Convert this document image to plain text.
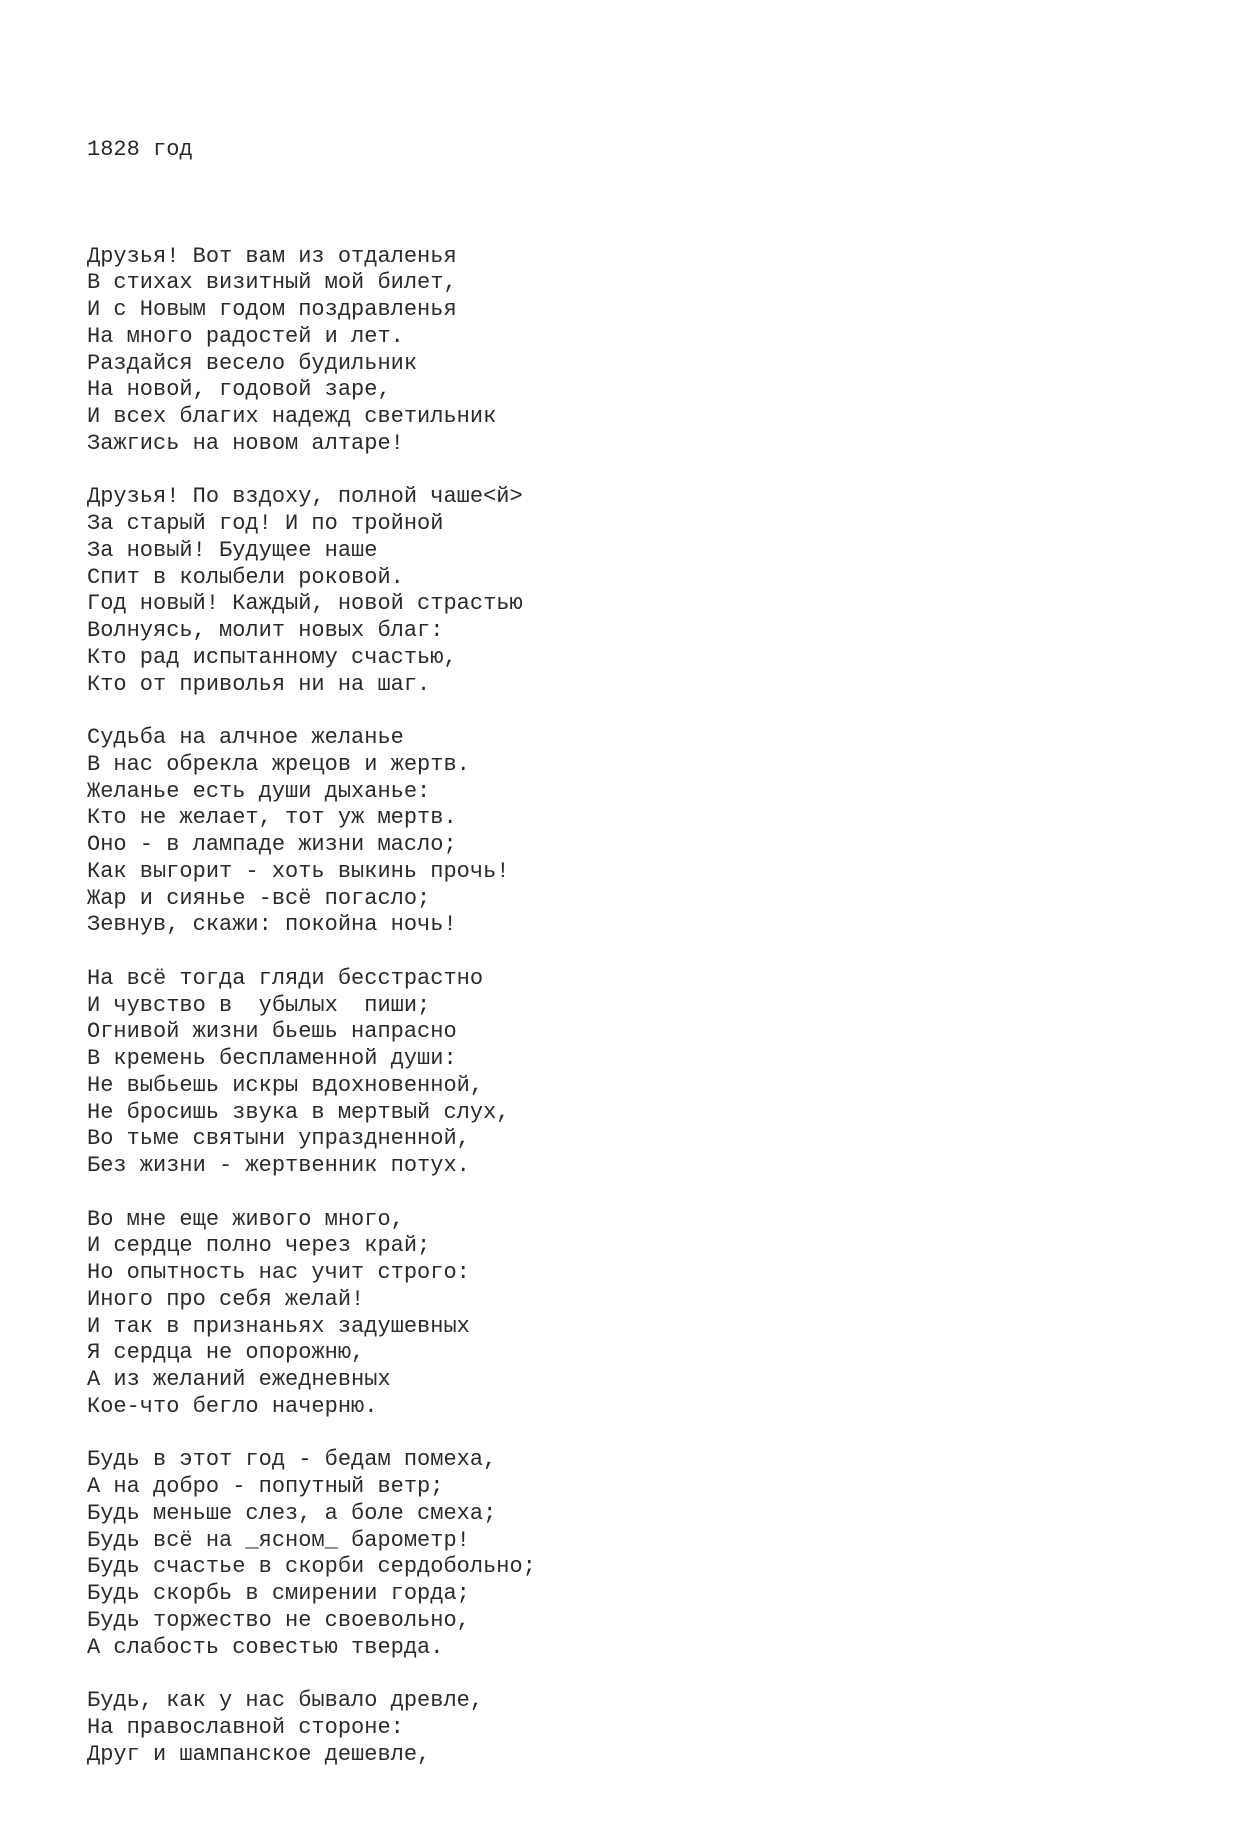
1828 год

Друзья! Вот вам из отдаленья
В стихах визитный мой билет,
И с Новым годом поздравленья
На много радостей и лет.
Раздайся весело будильник
На новой, годовой заре,
И всех благих надежд светильник
Зажгись на новом алтаре!
Друзья! По вздоху, полной чаше<й>
За старый год! И по тройной
За новый! Будущее наше
Спит в колыбели роковой.
Год новый! Каждый, новой страстью
Волнуясь, молит новых благ:
Кто рад испытанному счастью,
Кто от приволья ни на шаг.
Судьба на алчное желанье
В нас обрекла жрецов и жертв.
Желанье есть души дыханье:
Кто не желает, тот уж мертв.
Оно - в лампаде жизни масло;
Как выгорит - хоть выкинь прочь!
Жар и сиянье -всё погасло;
Зевнув, скажи: покойна ночь!
На всё тогда гляди бесстрастно
И чувство в  убылых  пиши;
Огнивой жизни бьешь напрасно
В кремень беспламенной души:
Не выбьешь искры вдохновенной,
Не бросишь звука в мертвый слух,
Во тьме святыни упраздненной,
Без жизни - жертвенник потух.
Во мне еще живого много,
И сердце полно через край;
Но опытность нас учит строго:
Иного про себя желай!
И так в признаньях задушевных
Я сердца не опорожню,
А из желаний ежедневных
Кое-что бегло начерню.
Будь в этот год - бедам помеха,
А на добро - попутный ветр;
Будь меньше слез, а боле смеха;
Будь всё на _ясном_ барометр!
Будь счастье в скорби сердобольно;
Будь скорбь в смирении горда;
Будь торжество не своевольно,
А слабость совестью тверда.
Будь, как у нас бывало древле,
На православной стороне:
Друг и шампанское дешевле,
